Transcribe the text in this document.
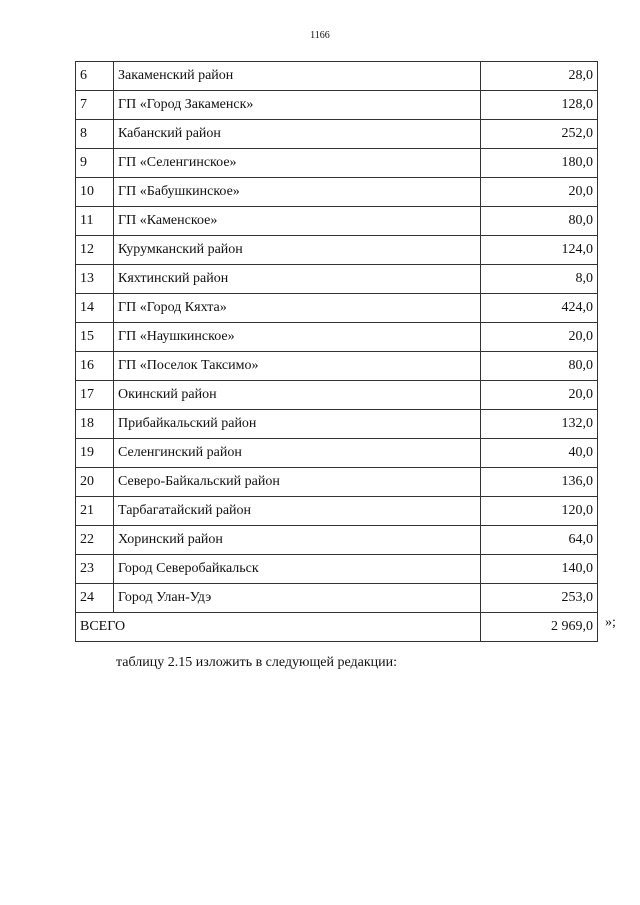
1166
6	Закаменский район	28,0
7	ГП «Город Закаменск»	128,0
8	Кабанский район	252,0
9	ГП «Селенгинское»	180,0
10	ГП «Бабушкинское»	20,0
11	ГП «Каменское»	80,0
12	Курумканский район	124,0
13	Кяхтинский район	8,0
14	ГП «Город Кяхта»	424,0
15	ГП «Наушкинское»	20,0
16	ГП «Поселок Таксимо»	80,0
17	Окинский район	20,0
18	Прибайкальский район	132,0
19	Селенгинский район	40,0
20	Северо-Байкальский район	136,0
21	Тарбагатайский район	120,0
22	Хоринский район	64,0
23	Город Северобайкальск	140,0
24	Город Улан-Удэ	253,0
ВСЕГО		2 969,0 »;
таблицу 2.15 изложить в следующей редакции:
